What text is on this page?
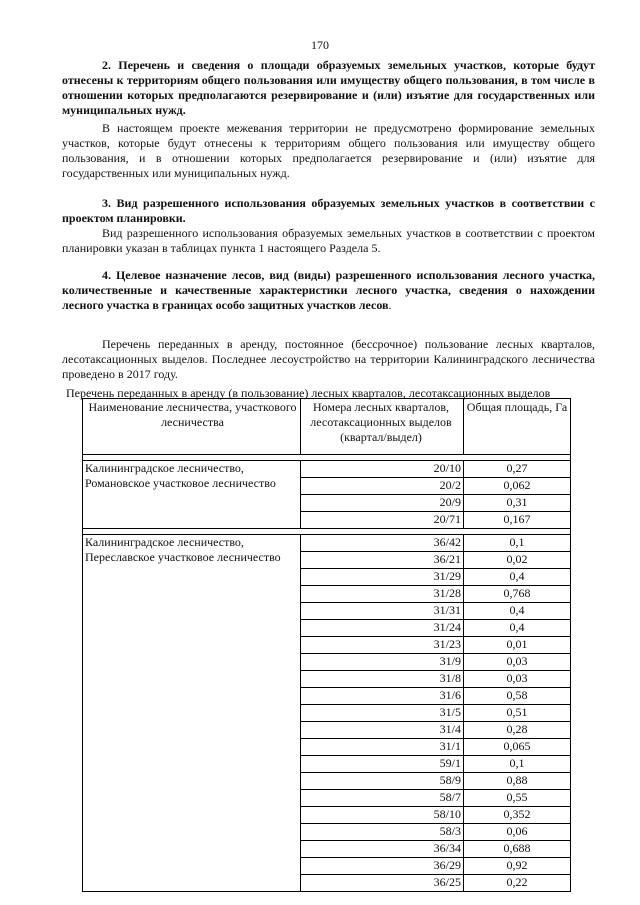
170
2. Перечень и сведения о площади образуемых земельных участков, которые будут отнесены к территориям общего пользования или имуществу общего пользования, в том числе в отношении которых предполагаются резервирование и (или) изъятие для государственных или муниципальных нужд.
В настоящем проекте межевания территории не предусмотрено формирование земельных участков, которые будут отнесены к территориям общего пользования или имуществу общего пользования, и в отношении которых предполагается резервирование и (или) изъятие для государственных или муниципальных нужд.
3. Вид разрешенного использования образуемых земельных участков в соответствии с проектом планировки.
Вид разрешенного использования образуемых земельных участков в соответствии с проектом планировки указан в таблицах пункта 1 настоящего Раздела 5.
4. Целевое назначение лесов, вид (виды) разрешенного использования лесного участка, количественные и качественные характеристики лесного участка, сведения о нахождении лесного участка в границах особо защитных участков лесов.
Перечень переданных в аренду, постоянное (бессрочное) пользование лесных кварталов, лесотаксационных выделов. Последнее лесоустройство на территории Калининградского лесничества проведено в 2017 году.
Перечень переданных в аренду (в пользование) лесных кварталов, лесотаксационных выделов
Наименование лесничества, участкового лесничества	Номера лесных кварталов, лесотаксационных выделов (квартал/выдел)	Общая площадь, Га

Калининградское лесничество, Романовское участковое лесничество	20/10	0,27
	20/2	0,062
	20/9	0,31
	20/71	0,167

Калининградское лесничество, Переславское участковое лесничество	36/42	0,1
	36/21	0,02
	31/29	0,4
	31/28	0,768
	31/31	0,4
	31/24	0,4
	31/23	0,01
	31/9	0,03
	31/8	0,03
	31/6	0,58
	31/5	0,51
	31/4	0,28
	31/1	0,065
	59/1	0,1
	58/9	0,88
	58/7	0,55
	58/10	0,352
	58/3	0,06
	36/34	0,688
	36/29	0,92
	36/25	0,22
